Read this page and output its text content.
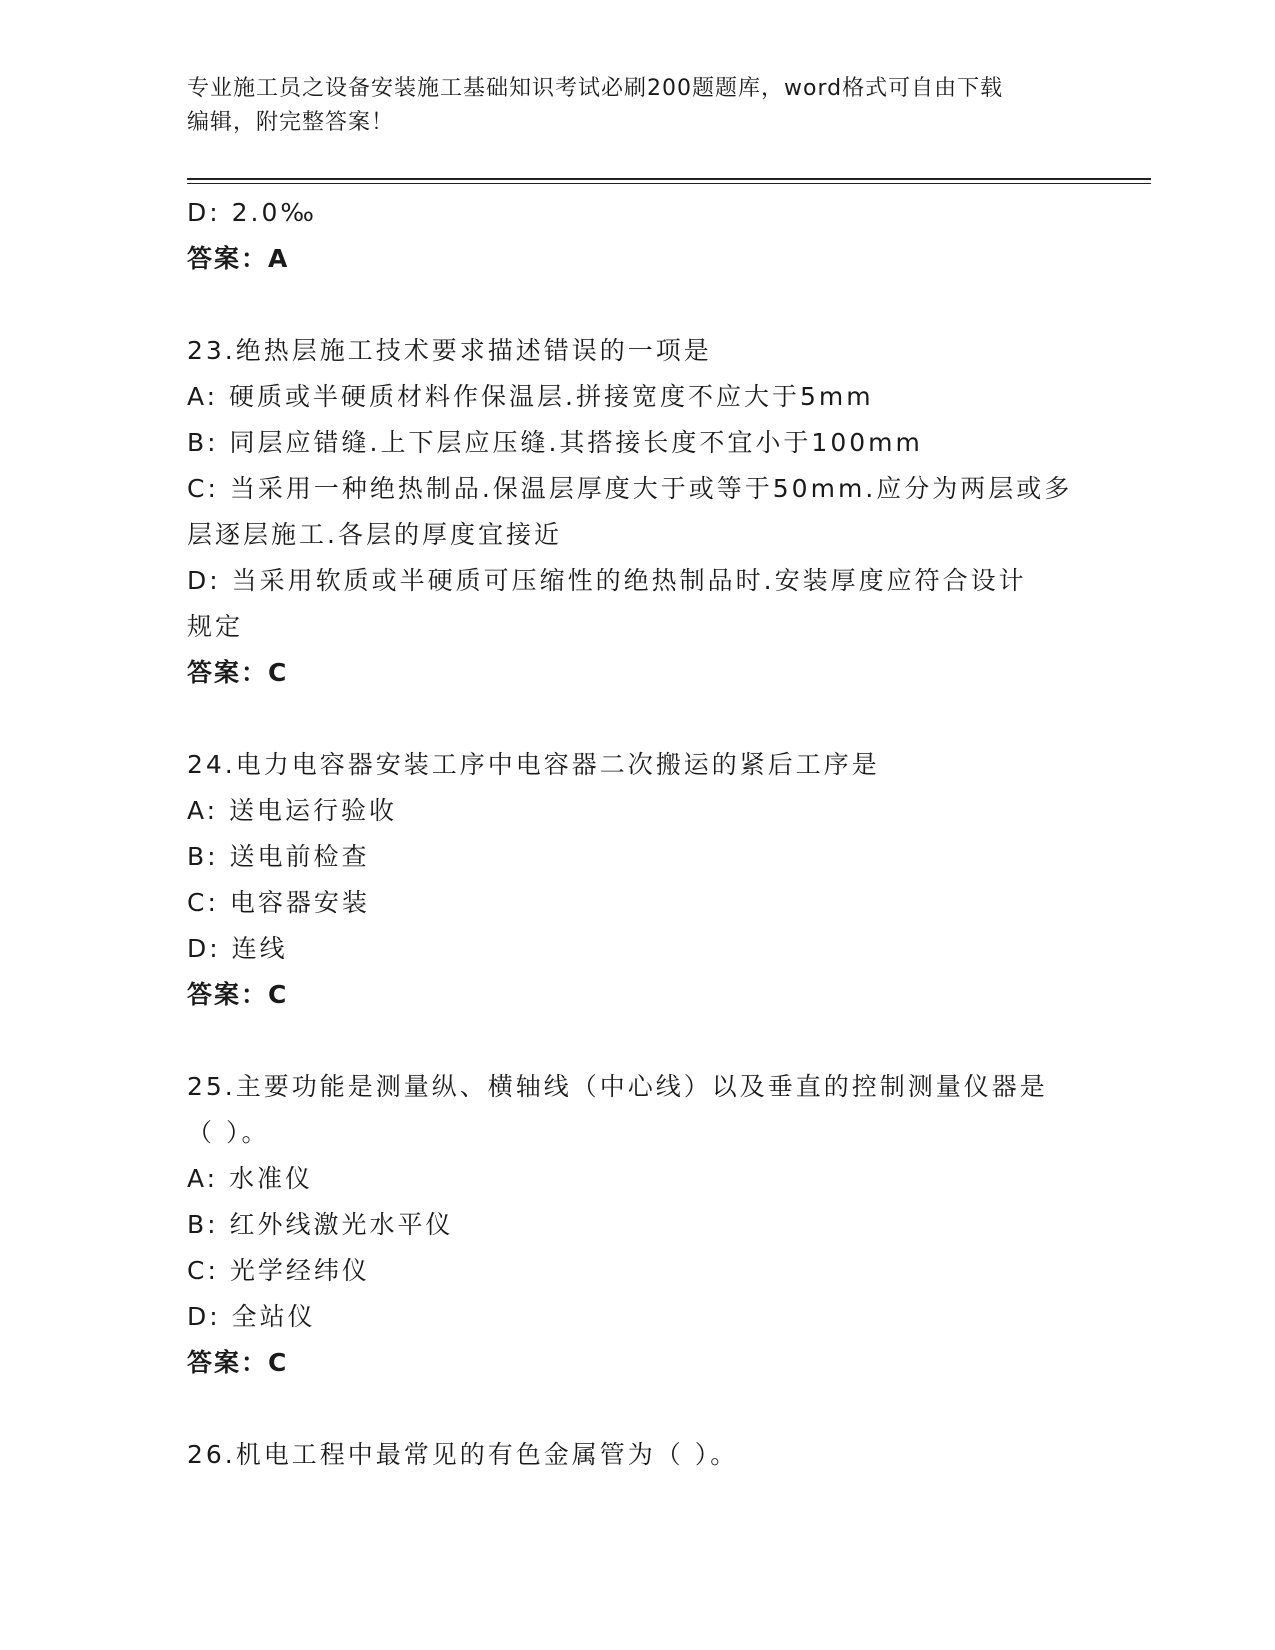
专业施工员之设备安装施工基础知识考试必刷200题题库，word格式可自由下载
编辑，附完整答案！
D: 2.0‰
答案：A
23.绝热层施工技术要求描述错误的一项是
A: 硬质或半硬质材料作保温层.拼接宽度不应大于5mm
B: 同层应错缝.上下层应压缝.其搭接长度不宜小于100mm
C: 当采用一种绝热制品.保温层厚度大于或等于50mm.应分为两层或多
层逐层施工.各层的厚度宜接近
D: 当采用软质或半硬质可压缩性的绝热制品时.安装厚度应符合设计
规定
答案：C
24.电力电容器安装工序中电容器二次搬运的紧后工序是
A: 送电运行验收
B: 送电前检查
C: 电容器安装
D: 连线
答案：C
25.主要功能是测量纵、横轴线（中心线）以及垂直的控制测量仪器是
（ ）。
A: 水准仪
B: 红外线激光水平仪
C: 光学经纬仪
D: 全站仪
答案：C
26.机电工程中最常见的有色金属管为（ ）。
